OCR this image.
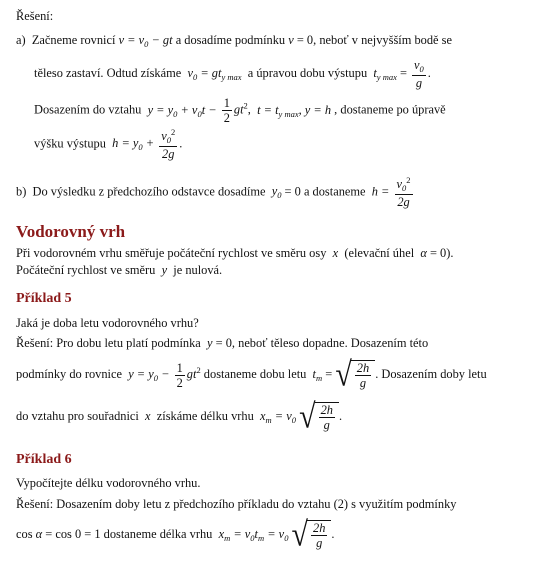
Řešení:
a) Začneme rovnicí $v = v_0$ − gt a dosadíme podmínku v = 0, neboť v nejvyšším bodě se
těleso zastaví. Odtud získáme  $v_0 = gt_{y max}$ a úpravou dobu výstupu $t_{y max} = \frac{v_0}{g}$ .
Dosazením do vztahu  $y = y_0 + v_0t - \frac{1}{2} gt^2$,  $t = t_{y max}$, y = h , dostaneme po úpravě
výšku výstupu  $h = y_0 + \frac{v_0^2}{2g}$ .
b) Do výsledku z předchozího odstavce dosadíme  $y_0 = 0$ a dostaneme  $h = \frac{v_0^2}{2g}$
Vodorovný vrh
Při vodorovném vrhu směřuje počáteční rychlost ve směru osy  x  (elevační úhel  α = 0).
Počáteční rychlost ve směru  y  je nulová.
Příklad 5
Jaká je doba letu vodorovného vrhu?
Řešení: Pro dobu letu platí podmínka  y = 0, neboť těleso dopadne. Dosazením této
podmínky do rovnice  $y = y_0 - \frac{1}{2} gt^2$ dostaneme dobu letu  $t_m$ = √ $\frac{2h}{g}$ . Dosazením doby letu
do vztahu pro souřadnici  x  získáme délku vrhu  $x_m = v_0$ √ $\frac{2h}{g}$ .
Příklad 6
Vypočítejte délku vodorovného vrhu.
Řešení: Dosazením doby letu z předchozího příkladu do vztahu (2) s využitím podmínky
cos α = cos 0 = 1 dostaneme délka vrhu  $x_m = v_0t_m = v_0$ √ $\frac{2h}{g}$ .
